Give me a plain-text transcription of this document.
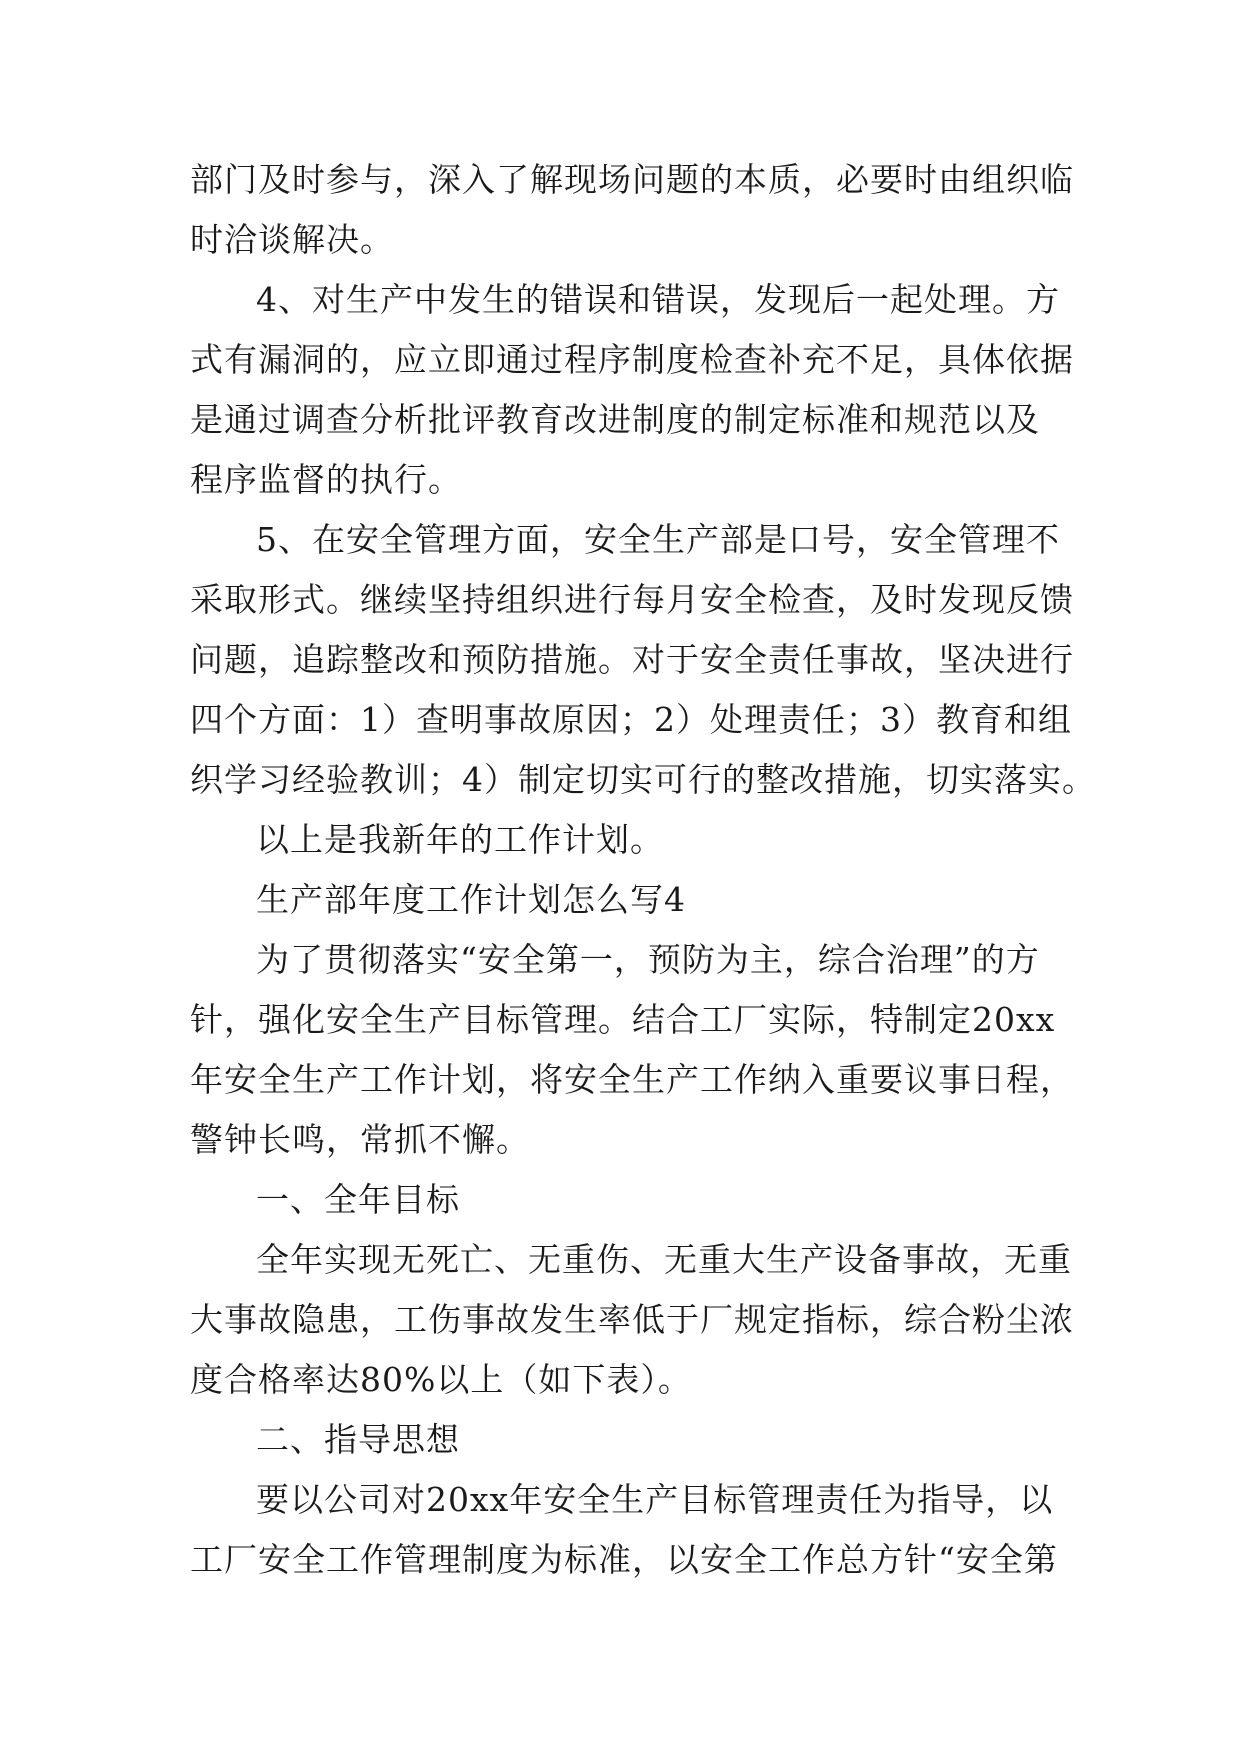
部门及时参与，深入了解现场问题的本质，必要时由组织临
时洽谈解决。
4、对生产中发生的错误和错误，发现后一起处理。方
式有漏洞的，应立即通过程序制度检查补充不足，具体依据
是通过调查分析批评教育改进制度的制定标准和规范以及
程序监督的执行。
5、在安全管理方面，安全生产部是口号，安全管理不
采取形式。继续坚持组织进行每月安全检查，及时发现反馈
问题，追踪整改和预防措施。对于安全责任事故，坚决进行
四个方面：1）查明事故原因；2）处理责任；3）教育和组
织学习经验教训；4）制定切实可行的整改措施，切实落实。
以上是我新年的工作计划。
生产部年度工作计划怎么写4
为了贯彻落实“安全第一，预防为主，综合治理”的方
针，强化安全生产目标管理。结合工厂实际，特制定20xx
年安全生产工作计划，将安全生产工作纳入重要议事日程，
警钟长鸣，常抓不懈。
一、全年目标
全年实现无死亡、无重伤、无重大生产设备事故，无重
大事故隐患，工伤事故发生率低于厂规定指标，综合粉尘浓
度合格率达80%以上（如下表）。
二、指导思想
要以公司对20xx年安全生产目标管理责任为指导，以
工厂安全工作管理制度为标准，以安全工作总方针“安全第
